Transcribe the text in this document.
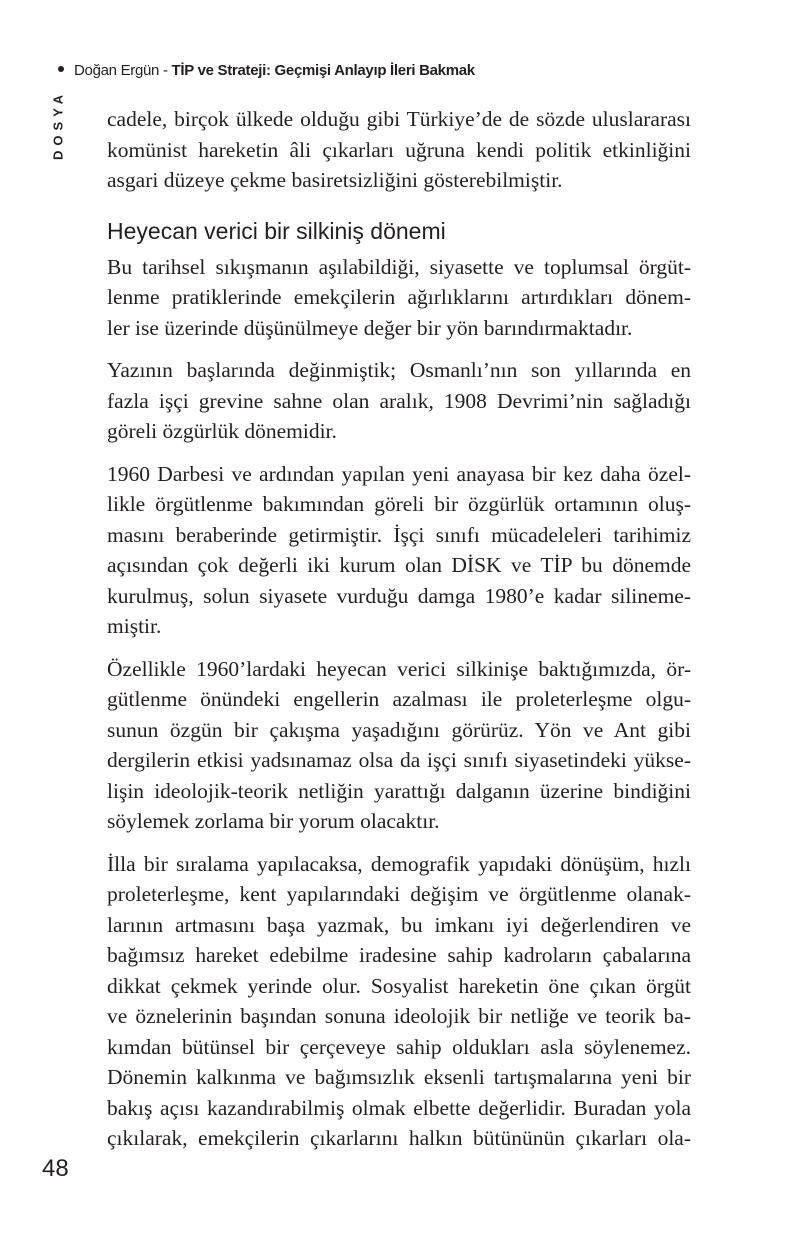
Doğan Ergün - TİP ve Strateji: Geçmişi Anlayıp İleri Bakmak
DOSYA cadele, birçok ülkede olduğu gibi Türkiye’de de sözde uluslararası
komünist hareketin âli çıkarları uğruna kendi politik etkinliğini
asgari düzeye çekme basiretsizliğini gösterebilmiştir.

Heyecan verici bir silkiniş dönemi

Bu tarihsel sıkışmanın aşılabildiği, siyasette ve toplumsal örgüt-
lenme pratiklerinde emekçilerin ağırlıklarını artırdıkları dönem-
ler ise üzerinde düşünülmeye değer bir yön barındırmaktadır.

Yazının başlarında değinmiştik; Osmanlı’nın son yıllarında en
fazla işçi grevine sahne olan aralık, 1908 Devrimi’nin sağladığı
göreli özgürlük dönemidir.

1960 Darbesi ve ardından yapılan yeni anayasa bir kez daha özel-
likle örgütlenme bakımından göreli bir özgürlük ortamının oluş-
masını beraberinde getirmiştir. İşçi sınıfı mücadeleleri tarihimiz
açısından çok değerli iki kurum olan DİSK ve TİP bu dönemde
kurulmuş, solun siyasete vurduğu damga 1980’e kadar silineme-
miştir.

Özellikle 1960’lardaki heyecan verici silkinişe baktığımızda, ör-
gütlenme önündeki engellerin azalması ile proleterleşme olgu-
sunun özgün bir çakışma yaşadığını görürüz. Yön ve Ant gibi
dergilerin etkisi yadsınamaz olsa da işçi sınıfı siyasetindeki yükse-
lişin ideolojik-teorik netliğin yarattığı dalganın üzerine bindiğini
söylemek zorlama bir yorum olacaktır.

İlla bir sıralama yapılacaksa, demografik yapıdaki dönüşüm, hızlı
proleterleşme, kent yapılarındaki değişim ve örgütlenme olanak-
larının artmasını başa yazmak, bu imkanı iyi değerlendiren ve
bağımsız hareket edebilme iradesine sahip kadroların çabalarına
dikkat çekmek yerinde olur. Sosyalist hareketin öne çıkan örgüt
ve öznelerinin başından sonuna ideolojik bir netliğe ve teorik ba-
kımdan bütünsel bir çerçeveye sahip oldukları asla söylenemez.
Dönemin kalkınma ve bağımsızlık eksenli tartışmalarına yeni bir
bakış açısı kazandırabilmiş olmak elbette değerlidir. Buradan yola
çıkılarak, emekçilerin çıkarlarını halkın bütününün çıkarları ola-

48
